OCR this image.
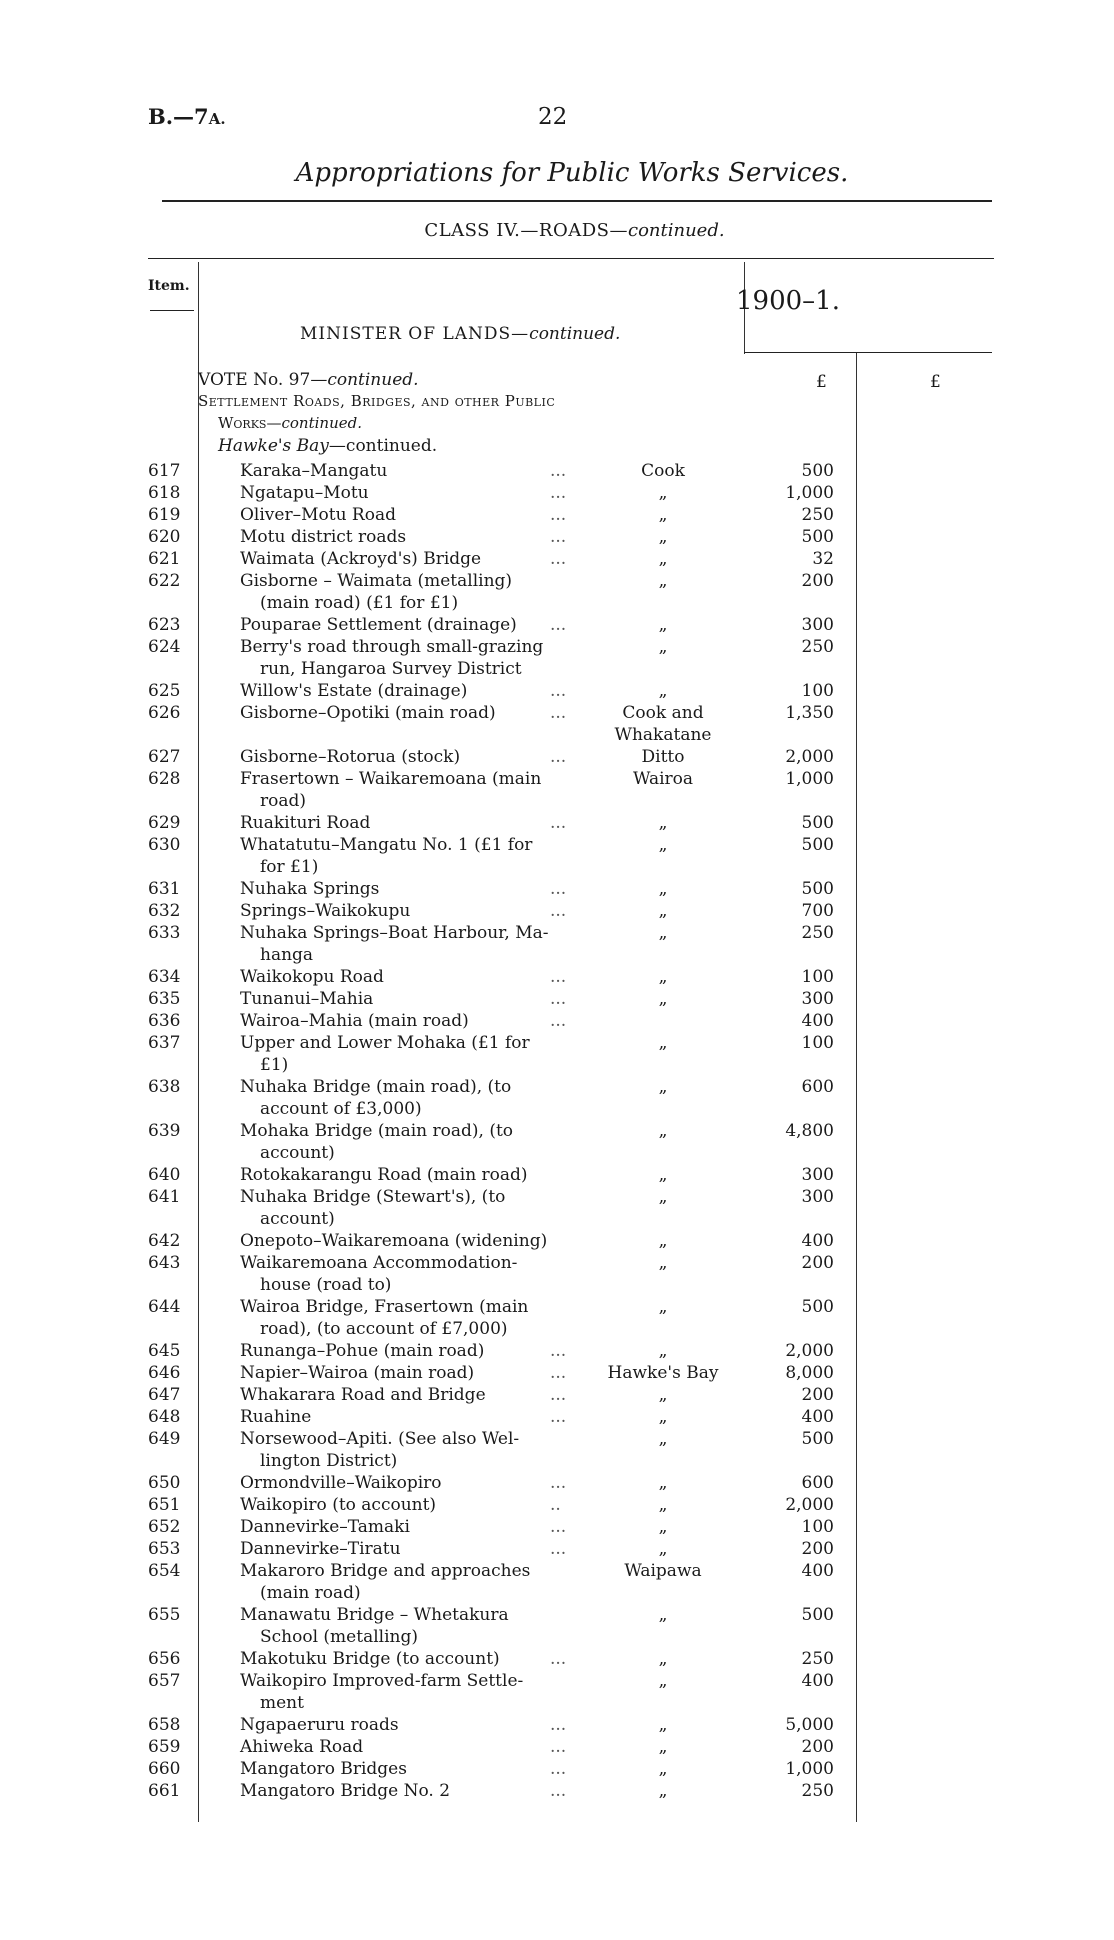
B.—7A.	22
Appropriations for Public Works Services.
CLASS IV.—ROADS—continued.
Item.	1900–1.
MINISTER OF LANDS—continued.
£	£
VOTE No. 97—continued.
Settlement Roads, Bridges, and other Public
Works—continued.
Hawke's Bay—continued.
617	Karaka–Mangatu	...	Cook	500
618	Ngatapu–Motu	...	„	1,000
619	Oliver–Motu Road	...	„	250
620	Motu district roads	...	„	500
621	Waimata (Ackroyd's) Bridge	...	„	32
622	Gisborne – Waimata (metalling)
(main road) (£1 for £1)
„	200
623	Pouparae Settlement (drainage)	...	„	300
624	Berry's road through small-grazing
run, Hangaroa Survey District
„	250
625	Willow's Estate (drainage)	...	„	100
626	Gisborne–Opotiki (main road)	...	Cook and
Whakatane
1,350
627	Gisborne–Rotorua (stock)	...	Ditto	2,000
628	Frasertown – Waikaremoana (main
road)
Wairoa	1,000
629	Ruakituri Road	...	„	500
630	Whatatutu–Mangatu No. 1 (£1 for
for £1)
„	500
631	Nuhaka Springs	...	„	500
632	Springs–Waikokupu	...	„	700
633	Nuhaka Springs–Boat Harbour, Ma-
hanga
„	250
634	Waikokopu Road	...	„	100
635	Tunanui–Mahia	...	„	300
636	Wairoa–Mahia (main road)	...	400
637	Upper and Lower Mohaka (£1 for
£1)
„	100
638	Nuhaka Bridge (main road), (to
account of £3,000)
„	600
639	Mohaka Bridge (main road), (to
account)
„	4,800
640	Rotokakarangu Road (main road)	„	300
641	Nuhaka Bridge (Stewart's), (to
account)
„	300
642	Onepoto–Waikaremoana (widening)	„	400
643	Waikaremoana Accommodation-
house (road to)
„	200
644	Wairoa Bridge, Frasertown (main
road), (to account of £7,000)
„	500
645	Runanga–Pohue (main road)	...	„	2,000
646	Napier–Wairoa (main road)	...	Hawke's Bay	8,000
647	Whakarara Road and Bridge	...	„	200
648	Ruahine	...	„	400
649	Norsewood–Apiti. (See also Wel-
lington District)
„	500
650	Ormondville–Waikopiro	...	„	600
651	Waikopiro (to account)	..	„	2,000
652	Dannevirke–Tamaki	...	„	100
653	Dannevirke–Tiratu	...	„	200
654	Makaroro Bridge and approaches
(main road)
Waipawa	400
655	Manawatu Bridge – Whetakura
School (metalling)
„	500
656	Makotuku Bridge (to account)	...	„	250
657	Waikopiro Improved-farm Settle-
ment
„	400
658	Ngapaeruru roads	...	„	5,000
659	Ahiweka Road	...	„	200
660	Mangatoro Bridges	...	„	1,000
661	Mangatoro Bridge No. 2	...	„	250
